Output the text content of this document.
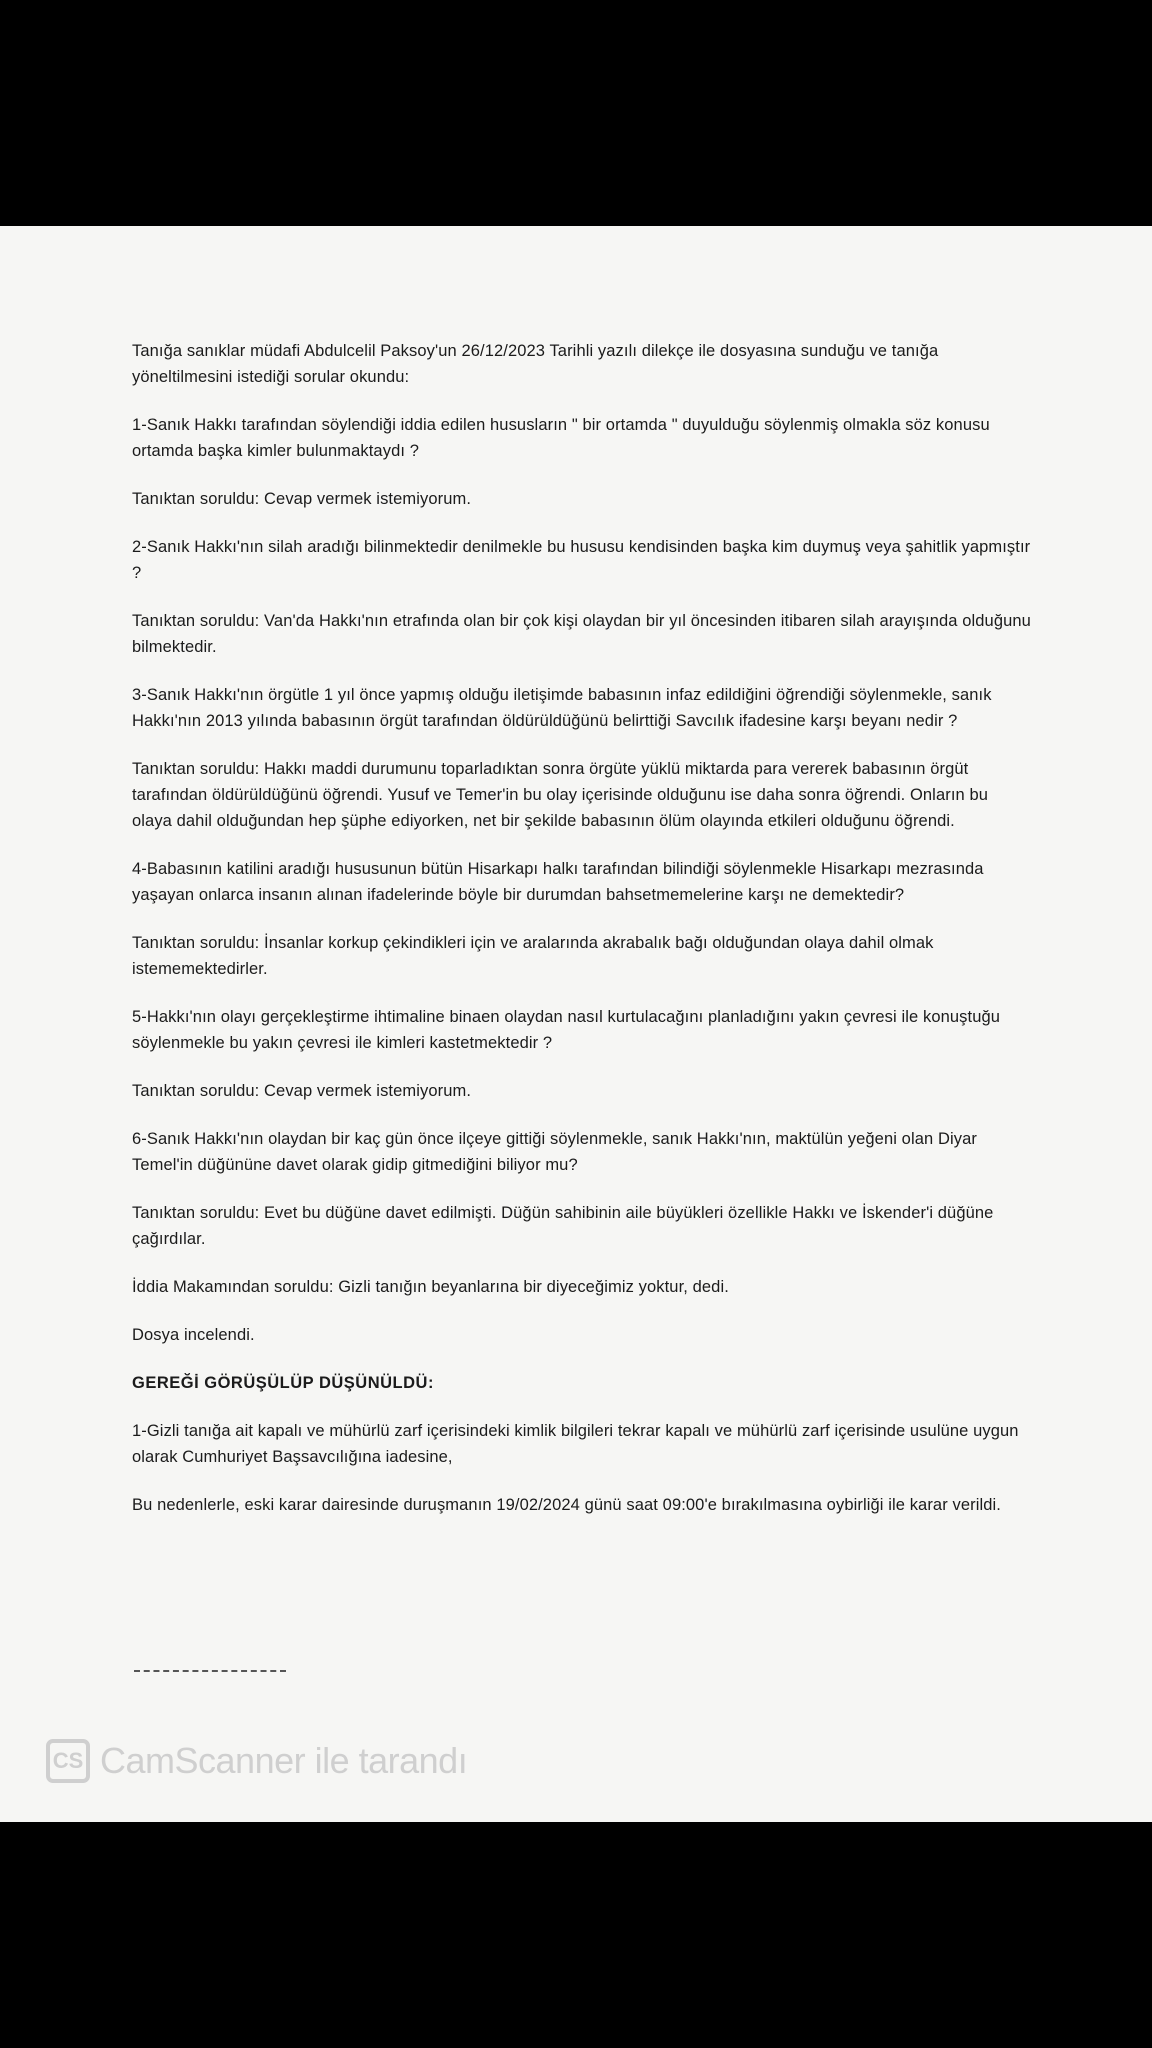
Tanığa sanıklar müdafi Abdulcelil Paksoy'un 26/12/2023 Tarihli yazılı dilekçe ile dosyasına sunduğu ve tanığa yöneltilmesini istediği sorular okundu:

1-Sanık Hakkı tarafından söylendiği iddia edilen hususların " bir ortamda " duyulduğu söylenmiş olmakla söz konusu ortamda başka kimler bulunmaktaydı ?

Tanıktan soruldu: Cevap vermek istemiyorum.

2-Sanık Hakkı'nın silah aradığı bilinmektedir denilmekle bu hususu kendisinden başka kim duymuş veya şahitlik yapmıştır ?

Tanıktan soruldu: Van'da Hakkı'nın etrafında olan bir çok kişi olaydan bir yıl öncesinden itibaren silah arayışında olduğunu bilmektedir.

3-Sanık Hakkı'nın örgütle 1 yıl önce yapmış olduğu iletişimde babasının infaz edildiğini öğrendiği söylenmekle, sanık Hakkı'nın 2013 yılında babasının örgüt tarafından öldürüldüğünü belirttiği Savcılık ifadesine karşı beyanı nedir ?

Tanıktan soruldu: Hakkı maddi durumunu toparladıktan sonra örgüte yüklü miktarda para vererek babasının örgüt tarafından öldürüldüğünü öğrendi. Yusuf ve Temer'in bu olay içerisinde olduğunu ise daha sonra öğrendi. Onların bu olaya dahil olduğundan hep şüphe ediyorken, net bir şekilde babasının ölüm olayında etkileri olduğunu öğrendi.

4-Babasının katilini aradığı hususunun bütün Hisarkapı halkı tarafından bilindiği söylenmekle Hisarkapı mezrasında yaşayan onlarca insanın alınan ifadelerinde böyle bir durumdan bahsetmemelerine karşı ne demektedir?

Tanıktan soruldu: İnsanlar korkup çekindikleri için ve aralarında akrabalık bağı olduğundan olaya dahil olmak istememektedirler.

5-Hakkı'nın olayı gerçekleştirme ihtimaline binaen olaydan nasıl kurtulacağını planladığını yakın çevresi ile konuştuğu söylenmekle bu yakın çevresi ile kimleri kastetmektedir ?

Tanıktan soruldu: Cevap vermek istemiyorum.

6-Sanık Hakkı'nın olaydan bir kaç gün önce ilçeye gittiği söylenmekle, sanık Hakkı'nın, maktülün yeğeni olan Diyar Temel'in düğününe davet olarak gidip gitmediğini biliyor mu?

Tanıktan soruldu: Evet bu düğüne davet edilmişti. Düğün sahibinin aile büyükleri özellikle Hakkı ve İskender'i düğüne çağırdılar.

İddia Makamından soruldu: Gizli tanığın beyanlarına bir diyeceğimiz yoktur, dedi.

Dosya incelendi.

GEREĞİ GÖRÜŞÜLÜP DÜŞÜNÜLDÜ:

1-Gizli tanığa ait kapalı ve mühürlü zarf içerisindeki kimlik bilgileri tekrar kapalı ve mühürlü zarf içerisinde usulüne uygun olarak Cumhuriyet Başsavcılığına iadesine,

Bu nedenlerle, eski karar dairesinde duruşmanın 19/02/2024 günü saat 09:00'e bırakılmasına oybirliği ile karar verildi.

CS CamScanner ile tarandı
